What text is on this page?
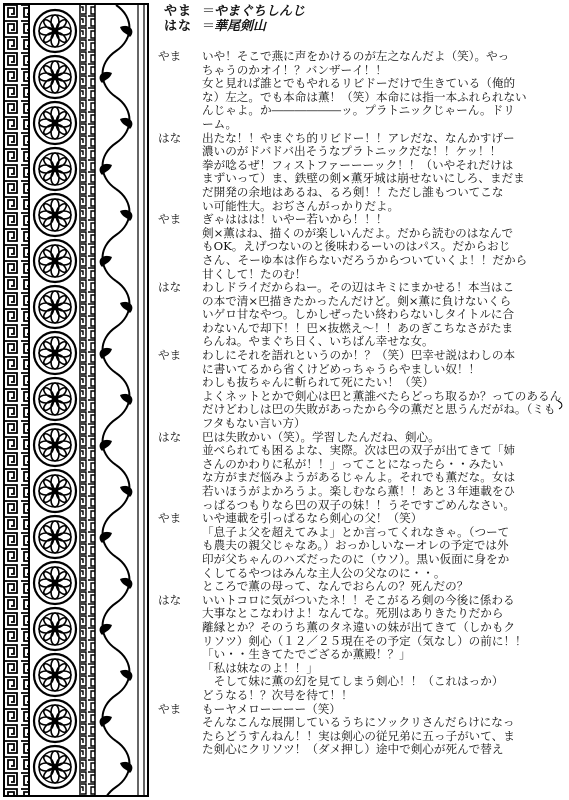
やま ＝やまぐちしんじ
はな ＝華尾剣山
やま	いや！そこで燕に声をかけるのが左之なんだよ（笑）。やっ
ちゃうのかオイ！？バンザーイ！！
女と見れば誰とでもやれるリビドーだけで生きている（俺的
な）左之。でも本命は薫！（笑）本命には指一本ふれられない
んじゃよ。か――――――ッ。プラトニックじゃーん。ドリ
ーム。
はな	出たな！！やまぐち的リビドー！！アレだな、なんかすげー
濃いのがドバドバ出そうなプラトニックだな！！ケッ！！
拳が唸るぜ！フィストファーーーック！！（いやそれだけは
まずいって）ま、鉄壁の剣×薫牙城は崩せないにしろ、まだま
だ開発の余地はあるね、るろ剣！！ただし誰もついてこな
い可能性大。おぢさんがっかりだよ。
やま	ぎゃははは！いやー若いから！！！
剣×薫はね、描くのが楽しいんだよ。だから読むのはなんで
もOK。えげつないのと後味わるーいのはパス。だからおじ
さん、そーゆ本は作らないだろうからついていくよ！！だから
甘くして！たのむ！
はな	わしドライだからねー。その辺はキミにまかせる！本当はこ
の本で清×巴描きたかったんだけど。剣×薫に負けないくら
いゲロ甘なやつ。しかしぜったい終わらないしタイトルに合
わないんで却下！！巴×抜燃え～！！あのぎこちなさがたま
らんね。やまぐち日く、いちばん幸せな女。
やま	わしにそれを語れというのか！？（笑）巴幸せ説はわしの本
に書いてるから省くけどめっちゃうらやましい奴！！
わしも抜ちゃんに斬られて死にたい！（笑）
よくネットとかで剣心は巴と薫誰べたらどっち取るか？ってのあるんだけどわしは巴の失敗があったから今の薫だと思うんだがね。（ミもフタもない言い方）
はな	巴は失敗かい（笑）。学習したんだね、剣心。
並べられても困るよな、実際。次は巴の双子が出てきて「姉
さんのかわりに私が！！」ってことになったら・・みたい
な方がまだ悩みようがあるじゃんよ。それでも薫だな。女は
若いほうがよかろうよ。楽しむなら薫！！あと３年連載をひ
っぱるつもりなら巴の双子の妹！！うそですごめんなさい。
やま	いや連載を引っぱるなら剣心の父！（笑）
「息子よ父を超えてみよ」とか言ってくれなきゃ。（つーて
も農夫の親父じゃなあ。）おっかしいなーオレの予定では外
印が父ちゃんのハズだったのに（ウソ）。黒い仮面に身をか
くしてるやつはみんな主人公の父なのに・・。
ところで薫の母って、なんでおらんの？死んだの？
はな	いいトコロに気がついたネ！！そこがるろ剣の今後に係わる
大事なとこなわけよ！なんてな。死別はありきたりだから
離縁とか？そのうち薫のタネ違いの妹が出てきて（しかもク
リソツ）剣心（１２／２５現在その予定（気なし）の前に！！
「い・・生きてたでござるか薫殿！？」
「私は妹なのよ！！」
　そして妹に薫の幻を見てしまう剣心！！（これはっか）
どうなる！？次号を待て！！
やま	もーヤメローーーー（笑）
そんなこんな展開しているうちにソックリさんだらけになっ
たらどうすんねん！！実は剣心の従兄弟に五っ子がいて、ま
た剣心にクリソツ！（ダメ押し）途中で剣心が死んで替え
